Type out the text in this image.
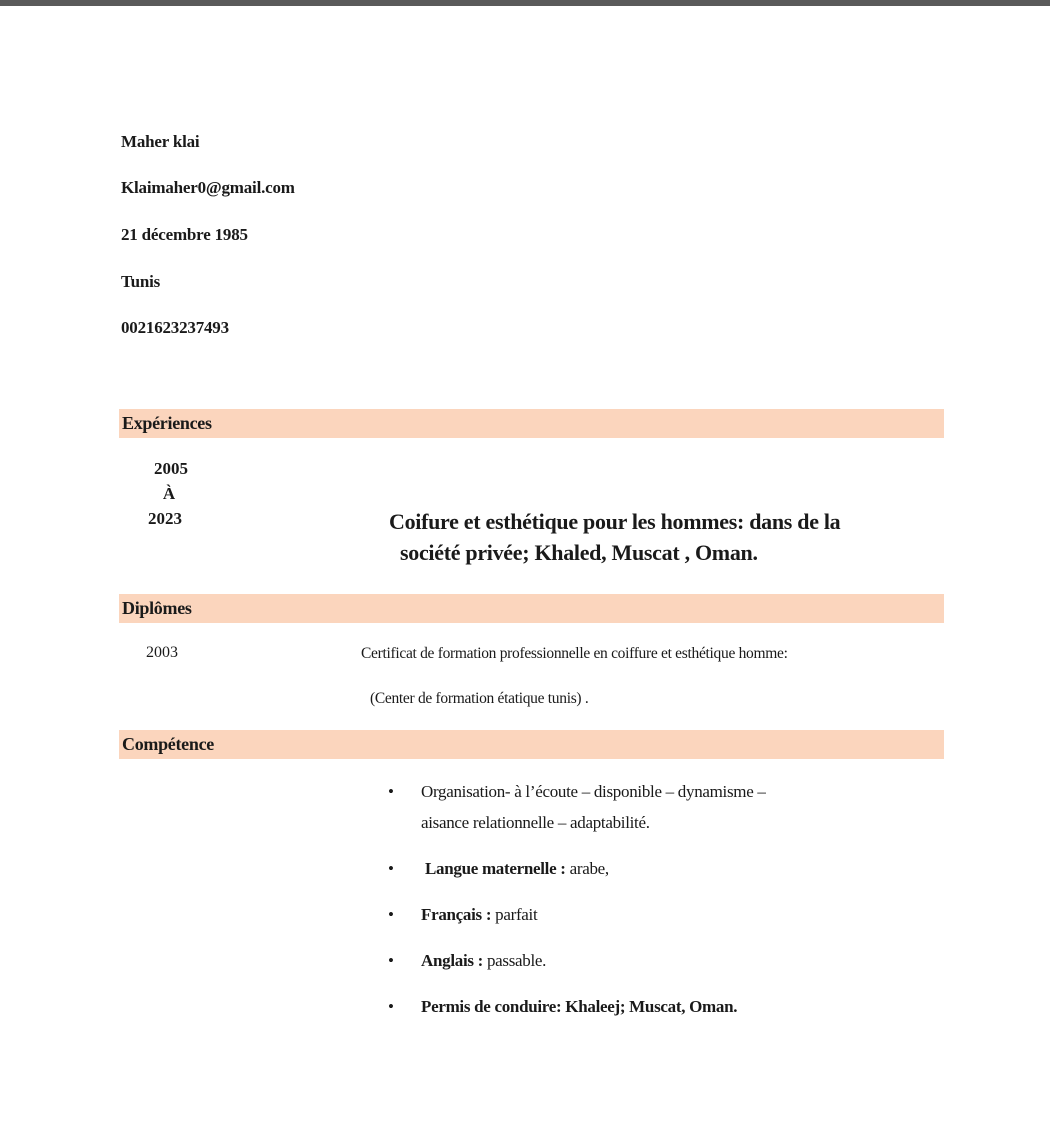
Maher klai
Klaimaher0@gmail.com
21 décembre 1985
Tunis
0021623237493
Expériences
2005
À
2023	Coifure et esthétique pour les hommes: dans de la
société privée; Khaled, Muscat , Oman.
Diplômes
2003	Certificat de formation professionnelle en coiffure et esthétique homme:
(Center de formation étatique tunis) .
Compétence
• Organisation- à l’écoute – disponible – dynamisme –
aisance relationnelle – adaptabilité.
• Langue maternelle : arabe,
• Français : parfait
• Anglais : passable.
• Permis de conduire: Khaleej; Muscat, Oman.
